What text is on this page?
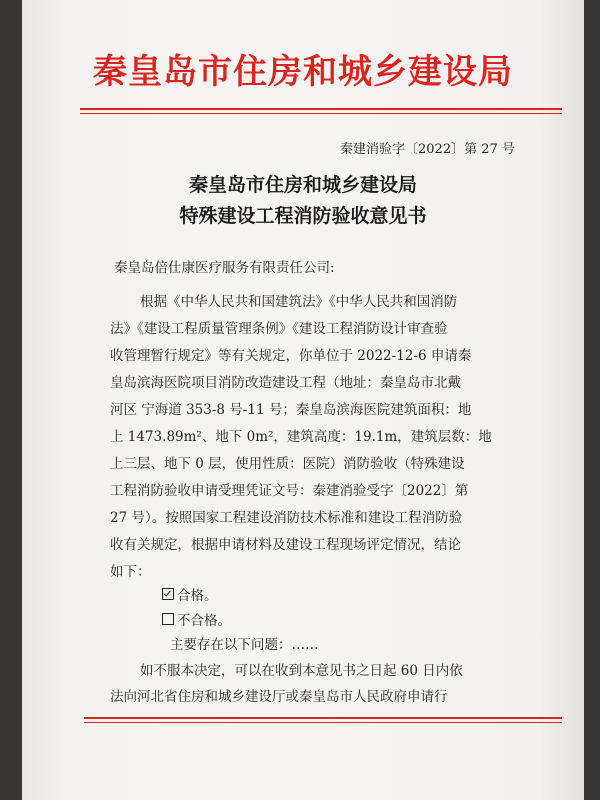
秦皇岛市住房和城乡建设局
秦建消验字〔2022〕第 27 号
秦皇岛市住房和城乡建设局
特殊建设工程消防验收意见书
秦皇岛倍仕康医疗服务有限责任公司:
根据《中华人民共和国建筑法》《中华人民共和国消防
法》《建设工程质量管理条例》《建设工程消防设计审查验
收管理暂行规定》等有关规定，你单位于 2022-12-6 申请秦
皇岛滨海医院项目消防改造建设工程（地址：秦皇岛市北戴
河区 宁海道 353-8 号-11 号；秦皇岛滨海医院建筑面积：地
上 1473.89m²、地下 0m²，建筑高度：19.1m，建筑层数：地
上三层、地下 0 层，使用性质：医院）消防验收（特殊建设
工程消防验收申请受理凭证文号：秦建消验受字〔2022〕第
27 号）。按照国家工程建设消防技术标准和建设工程消防验
收有关规定，根据申请材料及建设工程现场评定情况，结论
如下：
合格。
不合格。
主要存在以下问题：……
如不服本决定，可以在收到本意见书之日起 60 日内依
法向河北省住房和城乡建设厅或秦皇岛市人民政府申请行
